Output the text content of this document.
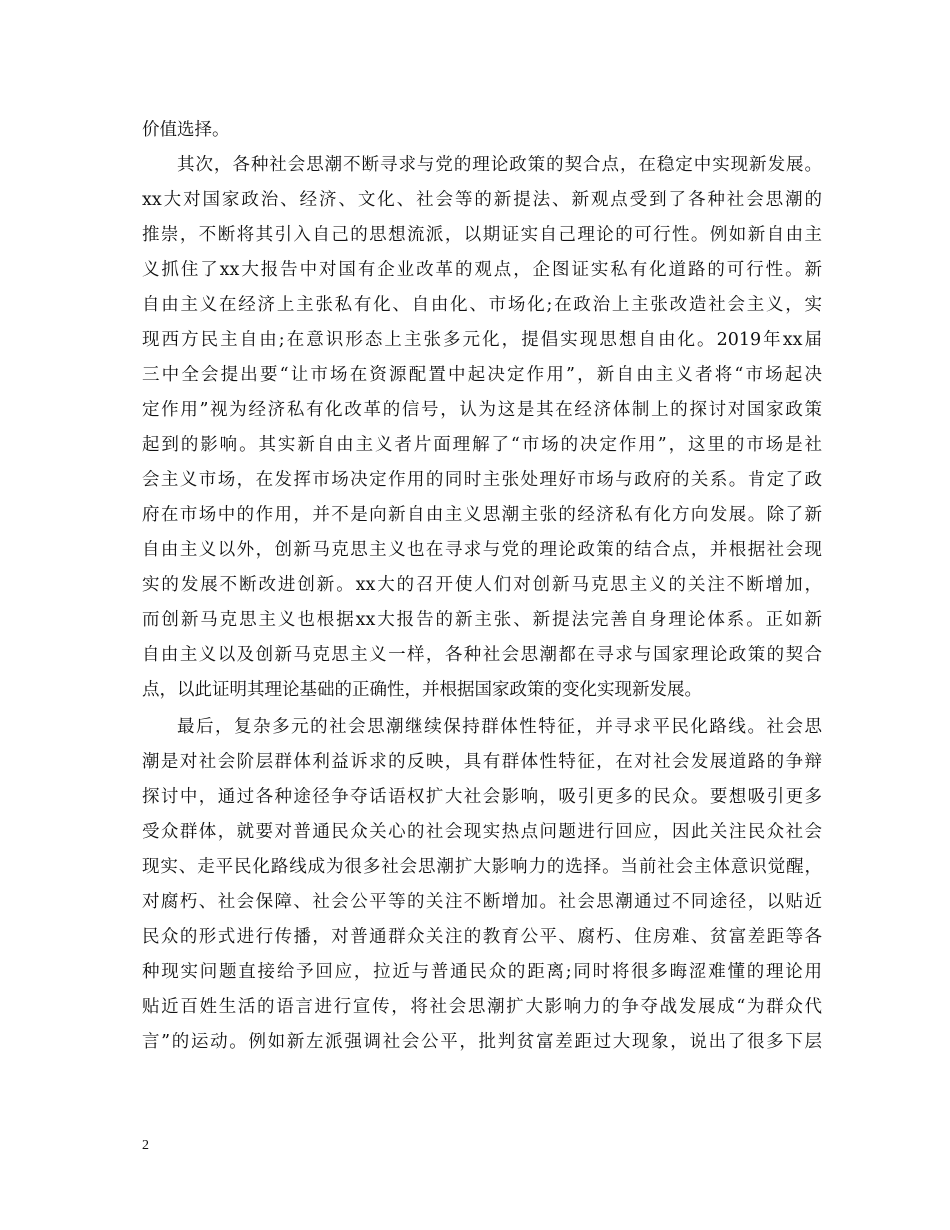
价值选择。
其次，各种社会思潮不断寻求与党的理论政策的契合点，在稳定中实现新发展。
xx大对国家政治、经济、文化、社会等的新提法、新观点受到了各种社会思潮的
推崇，不断将其引入自己的思想流派，以期证实自己理论的可行性。例如新自由主
义抓住了xx大报告中对国有企业改革的观点，企图证实私有化道路的可行性。新
自由主义在经济上主张私有化、自由化、市场化;在政治上主张改造社会主义，实
现西方民主自由;在意识形态上主张多元化，提倡实现思想自由化。2019年xx届
三中全会提出要“让市场在资源配置中起决定作用”，新自由主义者将“市场起决
定作用”视为经济私有化改革的信号，认为这是其在经济体制上的探讨对国家政策
起到的影响。其实新自由主义者片面理解了“市场的决定作用”，这里的市场是社
会主义市场，在发挥市场决定作用的同时主张处理好市场与政府的关系。肯定了政
府在市场中的作用，并不是向新自由主义思潮主张的经济私有化方向发展。除了新
自由主义以外，创新马克思主义也在寻求与党的理论政策的结合点，并根据社会现
实的发展不断改进创新。xx大的召开使人们对创新马克思主义的关注不断增加，
而创新马克思主义也根据xx大报告的新主张、新提法完善自身理论体系。正如新
自由主义以及创新马克思主义一样，各种社会思潮都在寻求与国家理论政策的契合
点，以此证明其理论基础的正确性，并根据国家政策的变化实现新发展。
最后，复杂多元的社会思潮继续保持群体性特征，并寻求平民化路线。社会思
潮是对社会阶层群体利益诉求的反映，具有群体性特征，在对社会发展道路的争辩
探讨中，通过各种途径争夺话语权扩大社会影响，吸引更多的民众。要想吸引更多
受众群体，就要对普通民众关心的社会现实热点问题进行回应，因此关注民众社会
现实、走平民化路线成为很多社会思潮扩大影响力的选择。当前社会主体意识觉醒，
对腐朽、社会保障、社会公平等的关注不断增加。社会思潮通过不同途径，以贴近
民众的形式进行传播，对普通群众关注的教育公平、腐朽、住房难、贫富差距等各
种现实问题直接给予回应，拉近与普通民众的距离;同时将很多晦涩难懂的理论用
贴近百姓生活的语言进行宣传，将社会思潮扩大影响力的争夺战发展成“为群众代
言”的运动。例如新左派强调社会公平，批判贫富差距过大现象，说出了很多下层
2
